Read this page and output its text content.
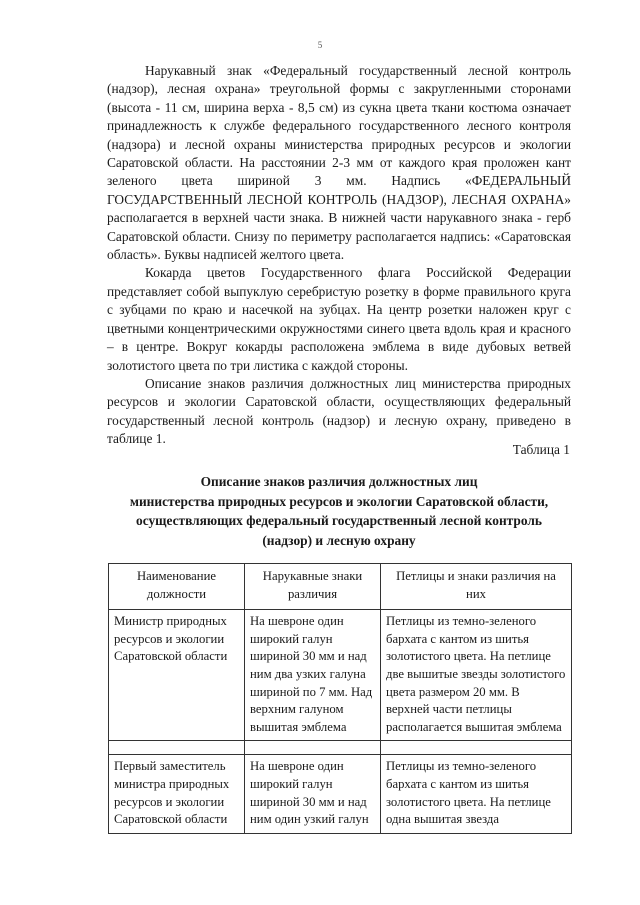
5

Нарукавный знак «Федеральный государственный лесной контроль (надзор), лесная охрана» треугольной формы с закругленными сторонами (высота - 11 см, ширина верха - 8,5 см) из сукна цвета ткани костюма означает принадлежность к службе федерального государственного лесного контроля (надзора) и лесной охраны министерства природных ресурсов и экологии Саратовской области. На расстоянии 2-3 мм от каждого края проложен кант зеленого цвета шириной 3 мм. Надпись «ФЕДЕРАЛЬНЫЙ ГОСУДАРСТВЕННЫЙ ЛЕСНОЙ КОНТРОЛЬ (НАДЗОР), ЛЕСНАЯ ОХРАНА» располагается в верхней части знака. В нижней части нарукавного знака - герб Саратовской области. Снизу по периметру располагается надпись: «Саратовская область». Буквы надписей желтого цвета.

Кокарда цветов Государственного флага Российской Федерации представляет собой выпуклую серебристую розетку в форме правильного круга с зубцами по краю и насечкой на зубцах. На центр розетки наложен круг с цветными концентрическими окружностями синего цвета вдоль края и красного – в центре. Вокруг кокарды расположена эмблема в виде дубовых ветвей золотистого цвета по три листика с каждой стороны.

Описание знаков различия должностных лиц министерства природных ресурсов и экологии Саратовской области, осуществляющих федеральный государственный лесной контроль (надзор) и лесную охрану, приведено в таблице 1.

Таблица 1
Описание знаков различия должностных лиц
министерства природных ресурсов и экологии Саратовской области,
осуществляющих федеральный государственный лесной контроль
(надзор) и лесную охрану
Наименование должности	Нарукавные знаки различия	Петлицы и знаки различия на них
Министр природных ресурсов и экологии Саратовской области	На шевроне один широкий галун шириной 30 мм и над ним два узких галуна шириной по 7 мм. Над верхним галуном вышитая эмблема	Петлицы из темно-зеленого бархата с кантом из шитья золотистого цвета. На петлице две вышитые звезды золотистого цвета размером 20 мм. В верхней части петлицы располагается вышитая эмблема

Первый заместитель министра природных ресурсов и экологии Саратовской области	На шевроне один широкий галун шириной 30 мм и над ним один узкий галун	Петлицы из темно-зеленого бархата с кантом из шитья золотистого цвета. На петлице одна вышитая звезда
